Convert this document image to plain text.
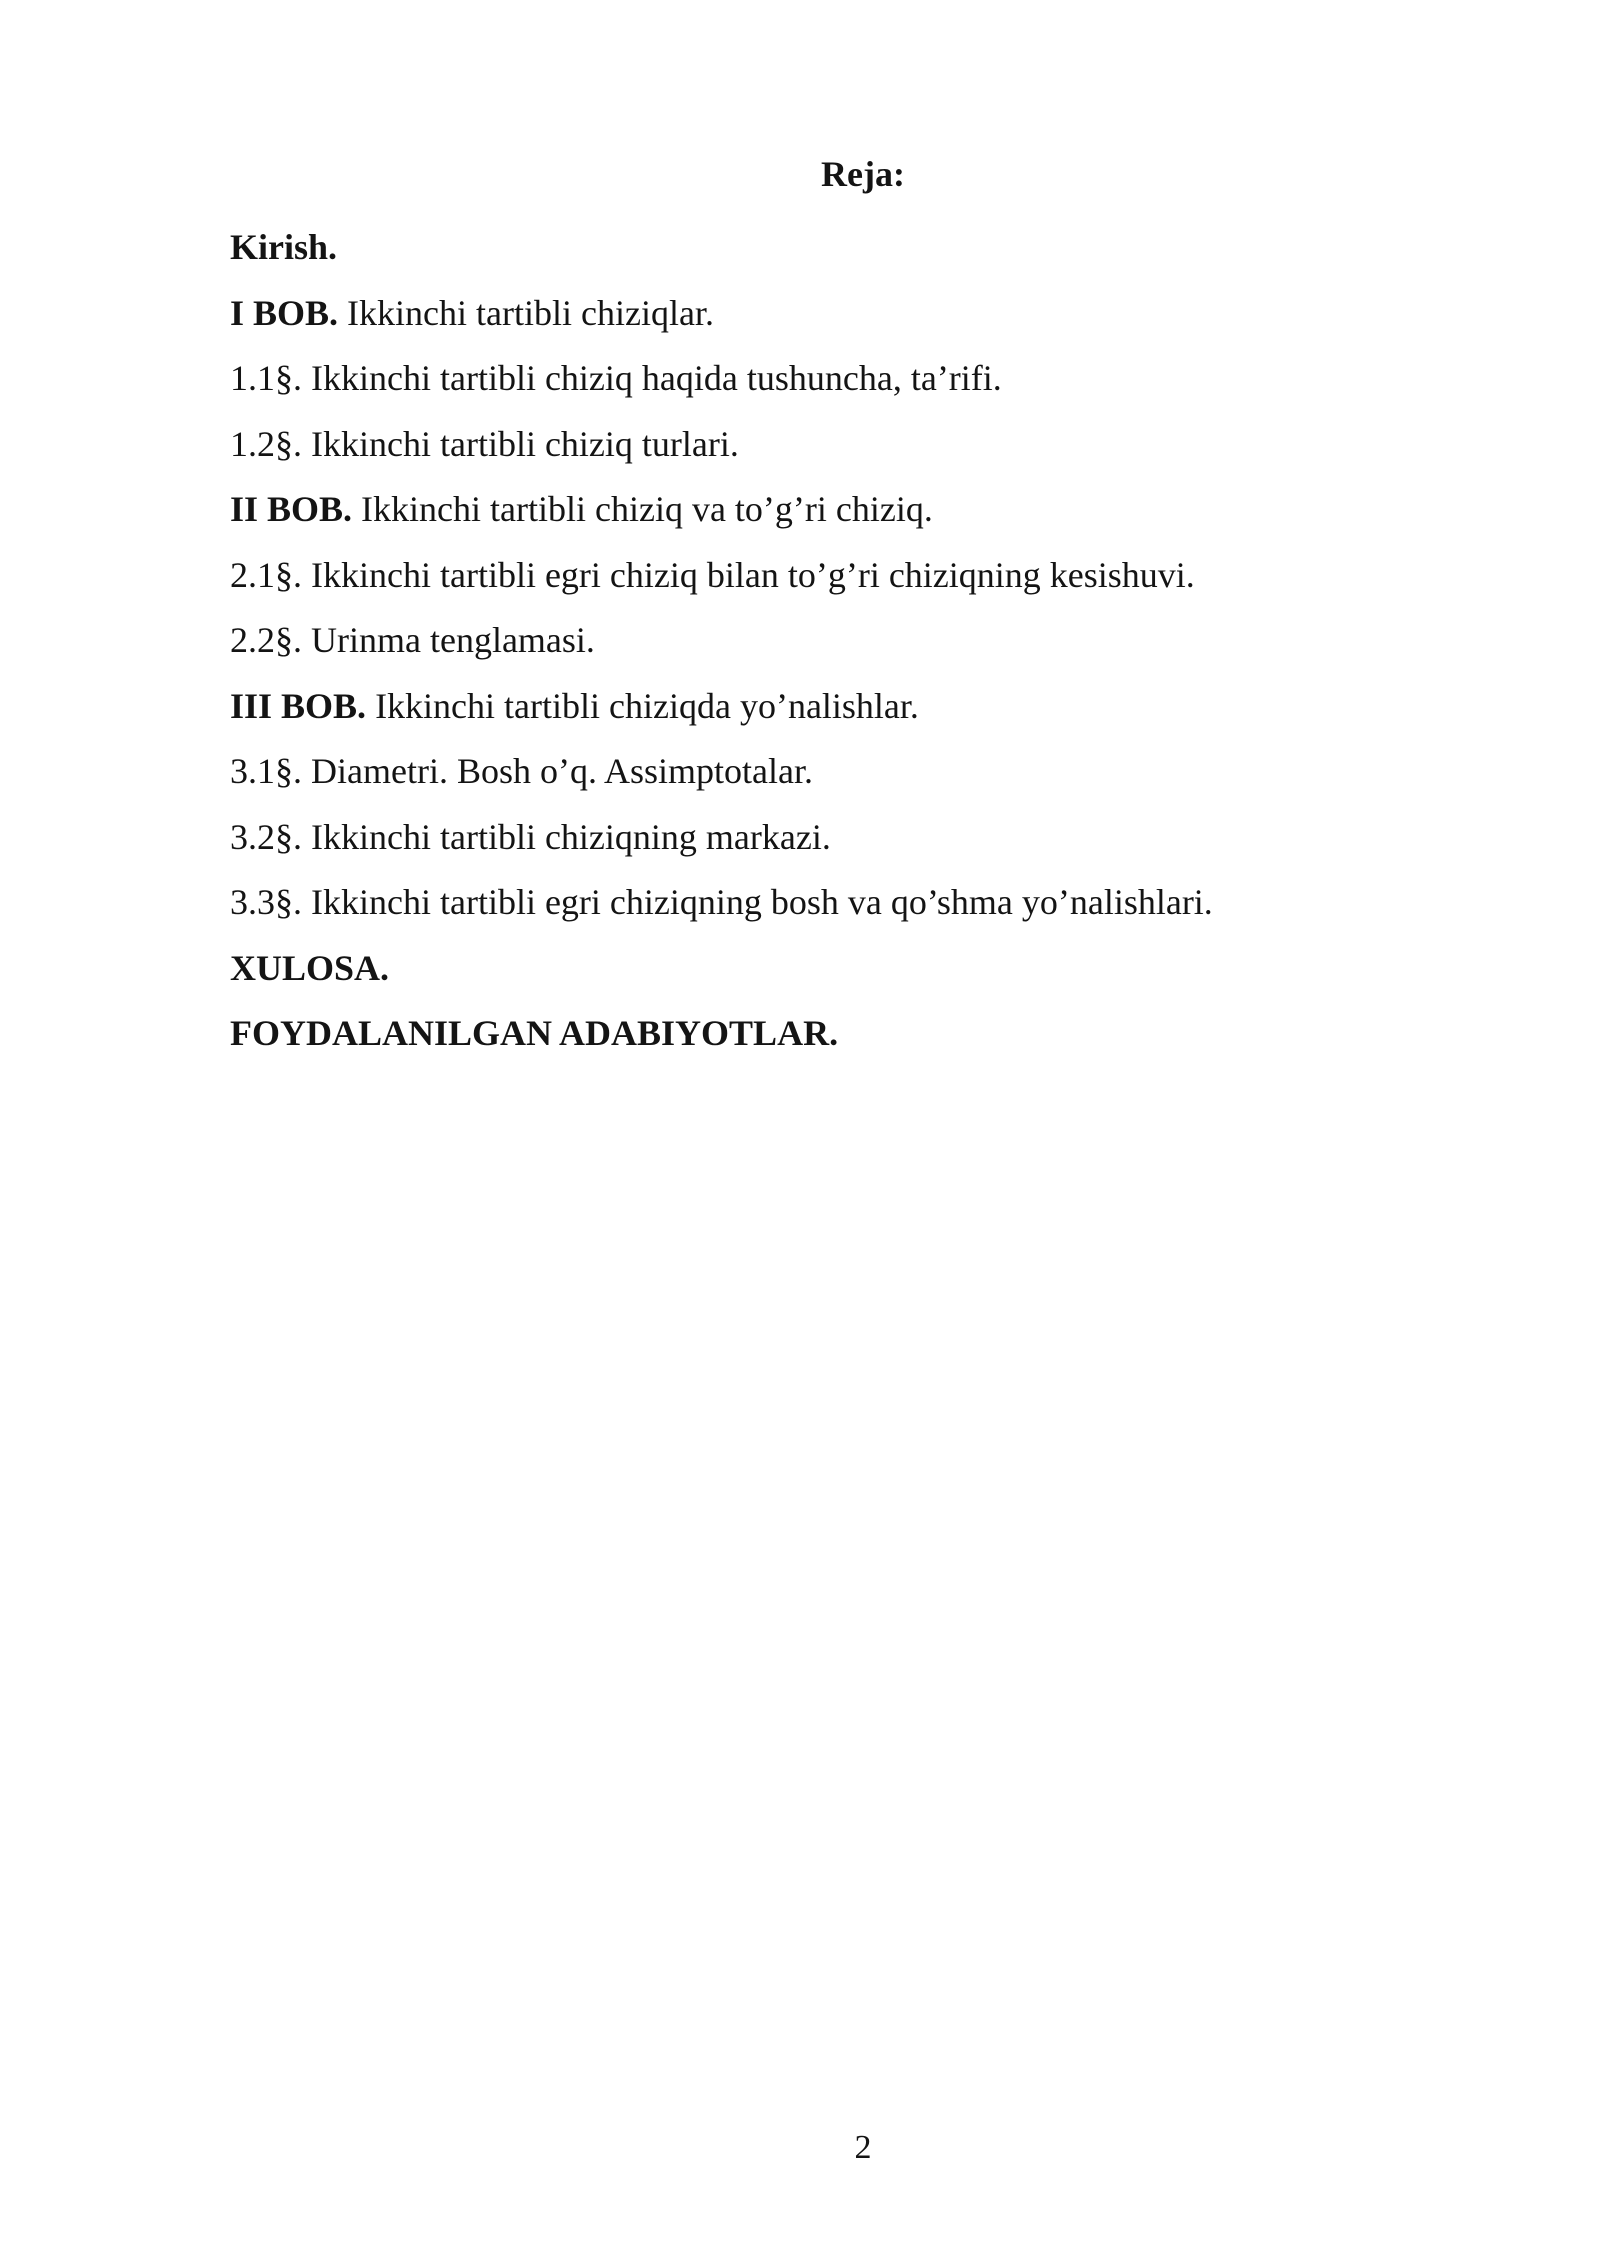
Reja:
Kirish.
I BOB. Ikkinchi tartibli chiziqlar.
1.1§. Ikkinchi tartibli chiziq haqida tushuncha, ta’rifi.
1.2§. Ikkinchi tartibli chiziq turlari.
II BOB. Ikkinchi tartibli chiziq va to’g’ri chiziq.
2.1§. Ikkinchi tartibli egri chiziq bilan to’g’ri chiziqning kesishuvi.
2.2§. Urinma tenglamasi.
III BOB. Ikkinchi tartibli chiziqda yo’nalishlar.
3.1§. Diametri. Bosh o’q. Assimptotalar.
3.2§. Ikkinchi tartibli chiziqning markazi.
3.3§. Ikkinchi tartibli egri chiziqning bosh va qo’shma yo’nalishlari.
XULOSA.
FOYDALANILGAN ADABIYOTLAR.
2
